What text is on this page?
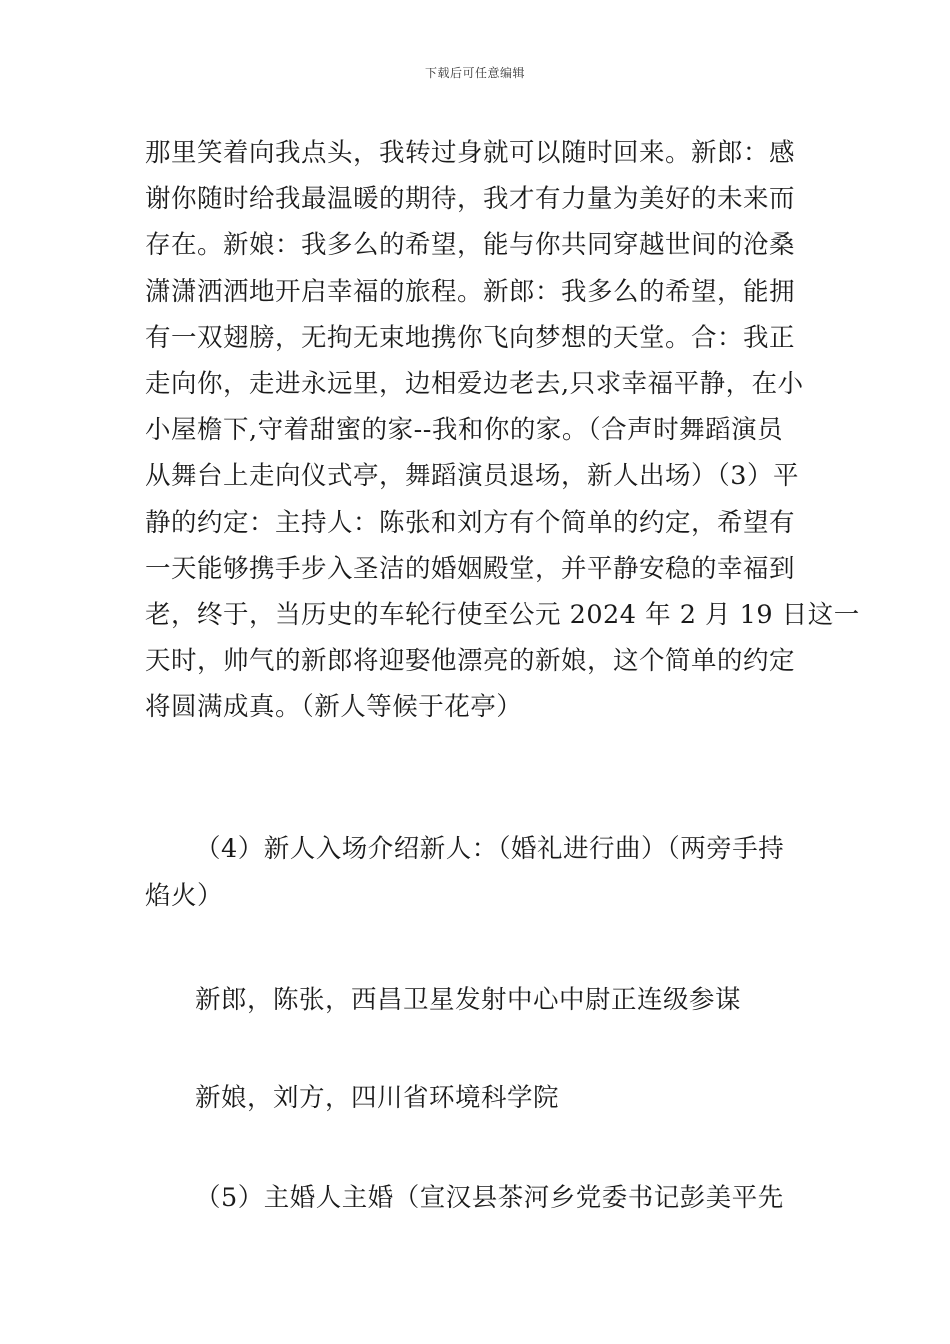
下载后可任意编辑
那里笑着向我点头，我转过身就可以随时回来。新郎：感
谢你随时给我最温暖的期待，我才有力量为美好的未来而
存在。新娘：我多么的希望，能与你共同穿越世间的沧桑
潇潇洒洒地开启幸福的旅程。新郎：我多么的希望，能拥
有一双翅膀，无拘无束地携你飞向梦想的天堂。合：我正
走向你，走进永远里，边相爱边老去,只求幸福平静，在小
小屋檐下,守着甜蜜的家--我和你的家。（合声时舞蹈演员
从舞台上走向仪式亭，舞蹈演员退场，新人出场）（3）平
静的约定：主持人：陈张和刘方有个简单的约定，希望有
一天能够携手步入圣洁的婚姻殿堂，并平静安稳的幸福到
老，终于，当历史的车轮行使至公元 2024 年 2 月 19 日这一
天时，帅气的新郎将迎娶他漂亮的新娘，这个简单的约定
将圆满成真。（新人等候于花亭）
（4）新人入场介绍新人：（婚礼进行曲）（两旁手持
焰火）
新郎，陈张，西昌卫星发射中心中尉正连级参谋
新娘，刘方，四川省环境科学院
（5）主婚人主婚（宣汉县茶河乡党委书记彭美平先
